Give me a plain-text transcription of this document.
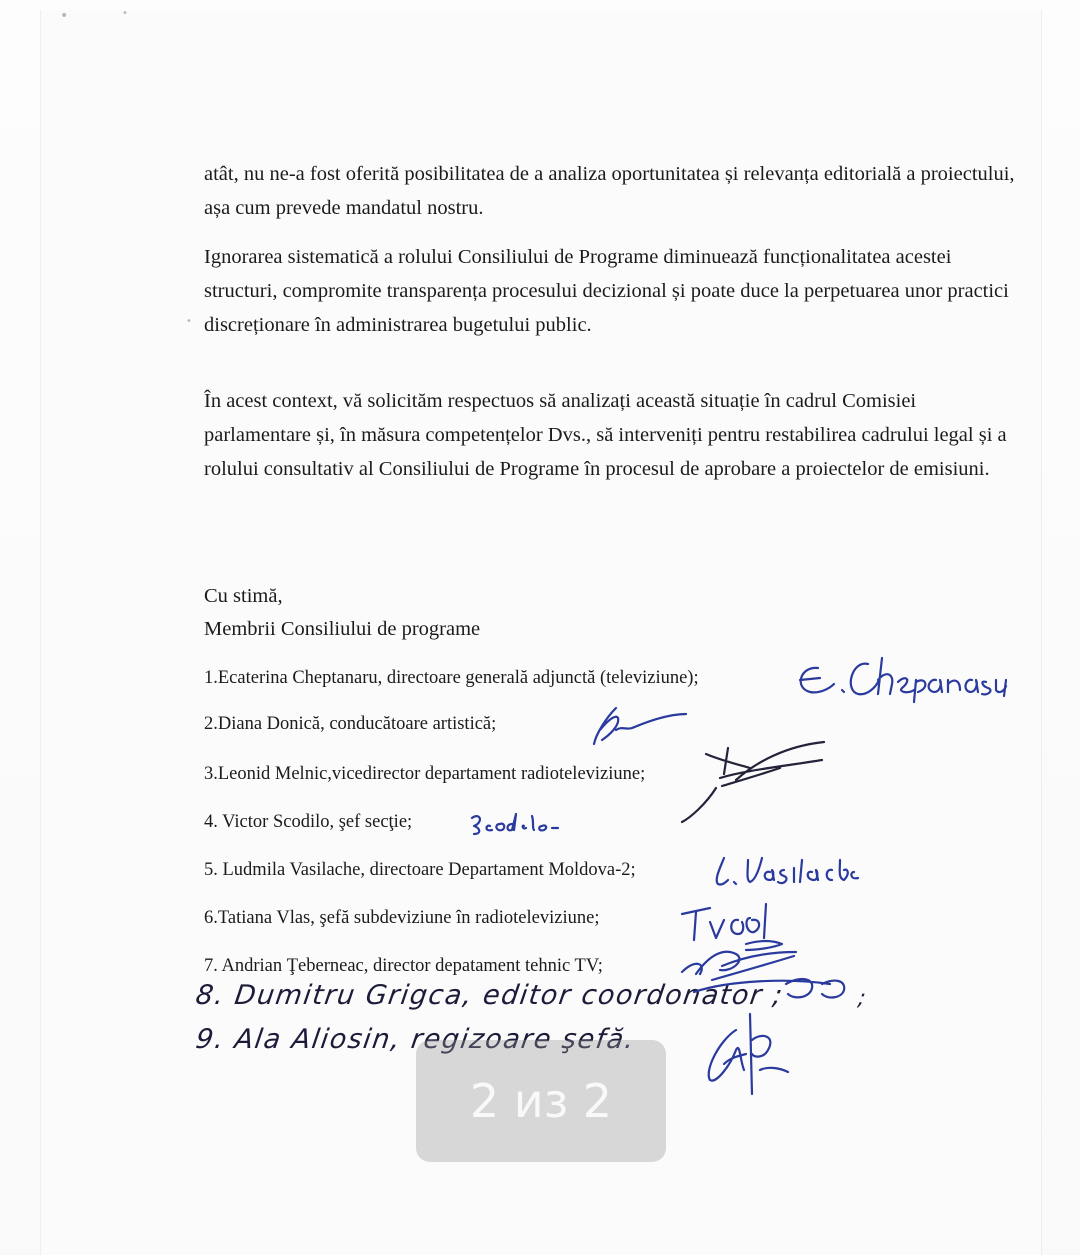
•	•
•

atât, nu ne-a fost oferită posibilitatea de a analiza oportunitatea și relevanța editorială a proiectului, așa cum prevede mandatul nostru.

Ignorarea sistematică a rolului Consiliului de Programe diminuează funcționalitatea acestei structuri, compromite transparența procesului decizional și poate duce la perpetuarea unor practici discreționare în administrarea bugetului public.

În acest context, vă solicităm respectuos să analizați această situație în cadrul Comisiei parlamentare și, în măsura competențelor Dvs., să interveniți pentru restabilirea cadrului legal și a rolului consultativ al Consiliului de Programe în procesul de aprobare a proiectelor de emisiuni.

Cu stimă,
Membrii Consiliului de programe
1.Ecaterina Cheptanaru, directoare generală adjunctă (televiziune);
2.Diana Donică, conducătoare artistică;
3.Leonid Melnic,vicedirector departament radioteleviziune;
4. Victor Scodilo, şef secţie;
5. Ludmila Vasilache, directoare Departament Moldova-2;
6.Tatiana Vlas, şefă subdeviziune în radioteleviziune;
7. Andrian Ţeberneac, director depatament tehnic TV;
8. Dumitru Grigca, editor coordonator ;
9. Ala Aliosin, regizoare şefă.
;
2 из 2
